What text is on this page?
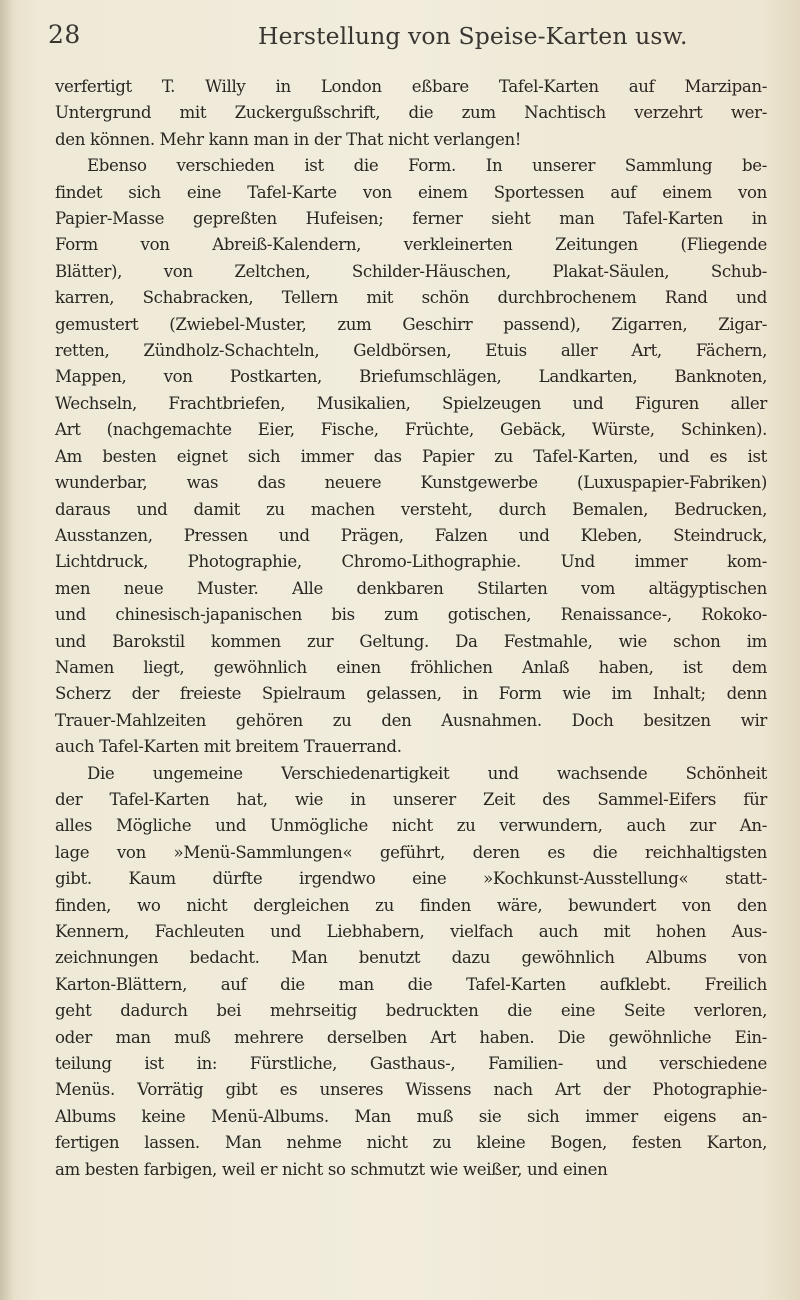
28	Herstellung von Speise-Karten usw.
verfertigt T. Willy in London eßbare Tafel-Karten auf Marzipan-
Untergrund mit Zuckergußschrift, die zum Nachtisch verzehrt wer-
den können. Mehr kann man in der That nicht verlangen!
Ebenso verschieden ist die Form. In unserer Sammlung be-
findet sich eine Tafel-Karte von einem Sportessen auf einem von
Papier-Masse gepreßten Hufeisen; ferner sieht man Tafel-Karten in
Form von Abreiß-Kalendern, verkleinerten Zeitungen (Fliegende
Blätter), von Zeltchen, Schilder-Häuschen, Plakat-Säulen, Schub-
karren, Schabracken, Tellern mit schön durchbrochenem Rand und
gemustert (Zwiebel-Muster, zum Geschirr passend), Zigarren, Zigar-
retten, Zündholz-Schachteln, Geldbörsen, Etuis aller Art, Fächern,
Mappen, von Postkarten, Briefumschlägen, Landkarten, Banknoten,
Wechseln, Frachtbriefen, Musikalien, Spielzeugen und Figuren aller
Art (nachgemachte Eier, Fische, Früchte, Gebäck, Würste, Schinken).
Am besten eignet sich immer das Papier zu Tafel-Karten, und es ist
wunderbar, was das neuere Kunstgewerbe (Luxuspapier-Fabriken)
daraus und damit zu machen versteht, durch Bemalen, Bedrucken,
Ausstanzen, Pressen und Prägen, Falzen und Kleben, Steindruck,
Lichtdruck, Photographie, Chromo-Lithographie. Und immer kom-
men neue Muster. Alle denkbaren Stilarten vom altägyptischen
und chinesisch-japanischen bis zum gotischen, Renaissance-, Rokoko-
und Barokstil kommen zur Geltung. Da Festmahle, wie schon im
Namen liegt, gewöhnlich einen fröhlichen Anlaß haben, ist dem
Scherz der freieste Spielraum gelassen, in Form wie im Inhalt; denn
Trauer-Mahlzeiten gehören zu den Ausnahmen. Doch besitzen wir
auch Tafel-Karten mit breitem Trauerrand.
Die ungemeine Verschiedenartigkeit und wachsende Schönheit
der Tafel-Karten hat, wie in unserer Zeit des Sammel-Eifers für
alles Mögliche und Unmögliche nicht zu verwundern, auch zur An-
lage von »Menü-Sammlungen« geführt, deren es die reichhaltigsten
gibt. Kaum dürfte irgendwo eine »Kochkunst-Ausstellung« statt-
finden, wo nicht dergleichen zu finden wäre, bewundert von den
Kennern, Fachleuten und Liebhabern, vielfach auch mit hohen Aus-
zeichnungen bedacht. Man benutzt dazu gewöhnlich Albums von
Karton-Blättern, auf die man die Tafel-Karten aufklebt. Freilich
geht dadurch bei mehrseitig bedruckten die eine Seite verloren,
oder man muß mehrere derselben Art haben. Die gewöhnliche Ein-
teilung ist in: Fürstliche, Gasthaus-, Familien- und verschiedene
Menüs. Vorrätig gibt es unseres Wissens nach Art der Photographie-
Albums keine Menü-Albums. Man muß sie sich immer eigens an-
fertigen lassen. Man nehme nicht zu kleine Bogen, festen Karton,
am besten farbigen, weil er nicht so schmutzt wie weißer, und einen
